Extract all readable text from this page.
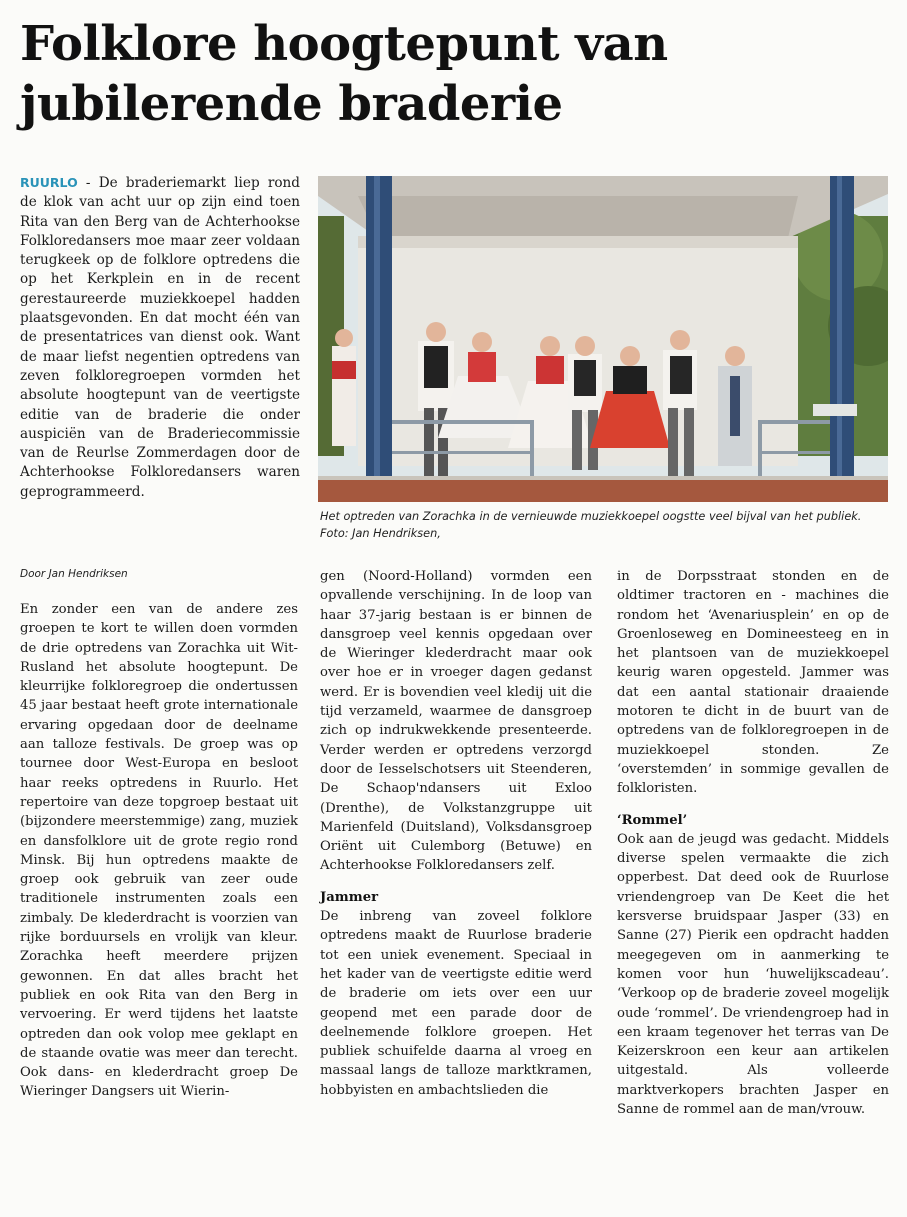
Folklore hoogtepunt van
jubilerende braderie

RUURLO - De braderiemarkt liep rond de klok van acht uur op zijn eind toen Rita van den Berg van de Achterhookse Folkloredansers moe maar zeer voldaan terugkeek op de folklore optredens die op het Kerkplein en in de recent gerestaureerde muziekkoepel hadden plaatsgevonden. En dat mocht één van de presentatrices van dienst ook. Want de maar liefst negentien optredens van zeven folkloregroepen vormden het absolute hoogtepunt van de veertigste editie van de braderie die onder auspiciën van de Braderiecommissie van de Reurlse Zommerdagen door de Achterhookse Folkloredansers waren geprogrammeerd.

Het optreden van Zorachka in de vernieuwde muziekkoepel oogstte veel bijval van het publiek. Foto: Jan Hendriksen,

Door Jan Hendriksen

En zonder een van de andere zes groepen te kort te willen doen vormden de drie optredens van Zorachka uit Wit-Rusland het absolute hoogtepunt. De kleurrijke folkloregroep die ondertussen 45 jaar bestaat heeft grote internationale ervaring opgedaan door de deelname aan talloze festivals. De groep was op tournee door West-Europa en besloot haar reeks optredens in Ruurlo. Het repertoire van deze topgroep bestaat uit (bijzondere meerstemmige) zang, muziek en dansfolklore uit de grote regio rond Minsk. Bij hun optredens maakte de groep ook gebruik van zeer oude traditionele instrumenten zoals een zimbaly. De klederdracht is voorzien van rijke borduursels en vrolijk van kleur. Zorachka heeft meerdere prijzen gewonnen. En dat alles bracht het publiek en ook Rita van den Berg in vervoering. Er werd tijdens het laatste optreden dan ook volop mee geklapt en de staande ovatie was meer dan terecht. Ook dans- en klederdracht groep De Wieringer Dangsers uit Wierin-

gen (Noord-Holland) vormden een opvallende verschijning. In de loop van haar 37-jarig bestaan is er binnen de dansgroep veel kennis opgedaan over de Wieringer klederdracht maar ook over hoe er in vroeger dagen gedanst werd. Er is bovendien veel kledij uit die tijd verzameld, waarmee de dansgroep zich op indrukwekkende presenteerde. Verder werden er optredens verzorgd door de Iesselschotsers uit Steenderen, De Schaop'ndansers uit Exloo (Drenthe), de Volkstanzgruppe uit Marienfeld (Duitsland), Volksdansgroep Oriënt uit Culemborg (Betuwe) en Achterhookse Folkloredansers zelf.

Jammer

De inbreng van zoveel folklore optredens maakt de Ruurlose braderie tot een uniek evenement. Speciaal in het kader van de veertigste editie werd de braderie om iets over een uur geopend met een parade door de deelnemende folklore groepen. Het publiek schuifelde daarna al vroeg en massaal langs de talloze marktkramen, hobbyisten en ambachtslieden die

in de Dorpsstraat stonden en de oldtimer tractoren en - machines die rondom het ‘Avenariusplein’ en op de Groenloseweg en Domineesteeg en in het plantsoen van de muziekkoepel keurig waren opgesteld. Jammer was dat een aantal stationair draaiende motoren te dicht in de buurt van de optredens van de folkloregroepen in de muziekkoepel stonden. Ze ‘overstemden’ in sommige gevallen de folkloristen.

‘Rommel’

Ook aan de jeugd was gedacht. Middels diverse spelen vermaakte die zich opperbest. Dat deed ook de Ruurlose vriendengroep van De Keet die het kersverse bruidspaar Jasper (33) en Sanne (27) Pierik een opdracht hadden meegegeven om in aanmerking te komen voor hun ‘huwelijkscadeau’. ‘Verkoop op de braderie zoveel mogelijk oude ‘rommel’. De vriendengroep had in een kraam tegenover het terras van De Keizerskroon een keur aan artikelen uitgestald. Als volleerde marktverkopers brachten Jasper en Sanne de rommel aan de man/vrouw.
